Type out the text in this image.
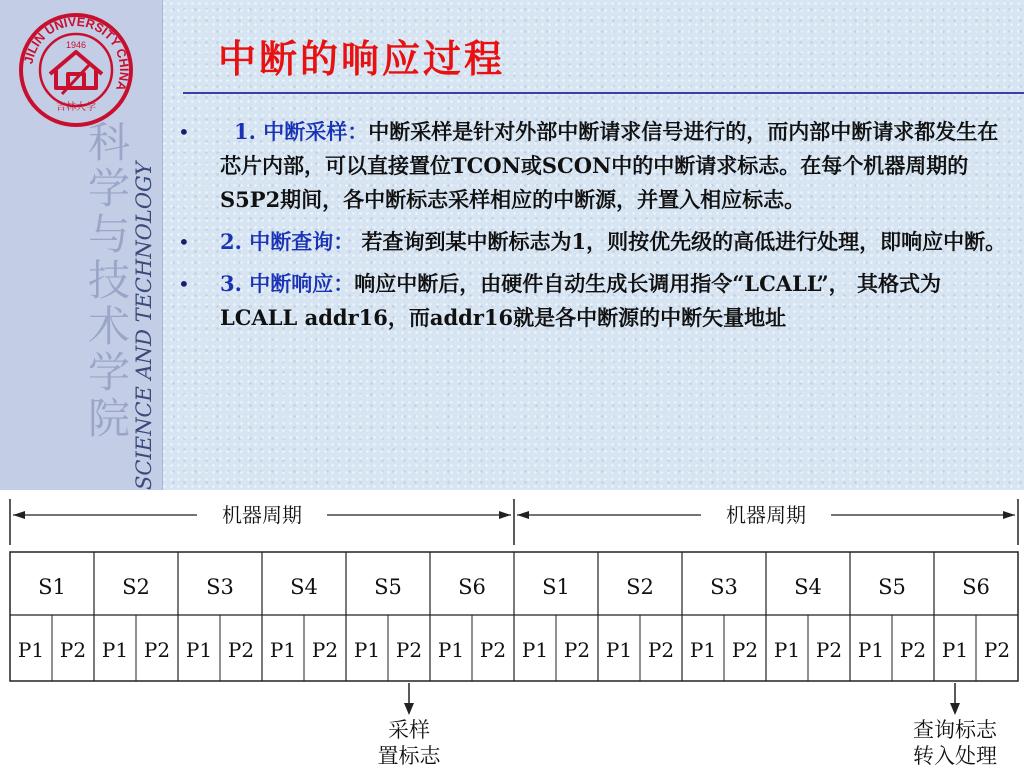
JILIN UNIVERSITY CHINA
1946
吉林大学
科学与技术学院 SCIENCE AND TECHNOLOGY
中断的响应过程
•	1. 中断采样：中断采样是针对外部中断请求信号进行的，而内部中断请求都发生在芯片内部，可以直接置位TCON或SCON中的中断请求标志。在每个机器周期的S5P2期间，各中断标志采样相应的中断源，并置入相应标志。
• 2. 中断查询： 若查询到某中断标志为1，则按优先级的高低进行处理，即响应中断。
• 3. 中断响应：响应中断后，由硬件自动生成长调用指令“LCALL”， 其格式为LCALL addr16，而addr16就是各中断源的中断矢量地址
机器周期	机器周期
S1
P1 P2
S2
P1 P2
S3
P1 P2
S4
P1 P2
S5
P1 P2
S6
P1 P2
S1
P1 P2
S2
P1 P2
S3
P1 P2
S4
P1 P2
S5
P1 P2
S6
P1 P2
采样
置标志
查询标志
转入处理
